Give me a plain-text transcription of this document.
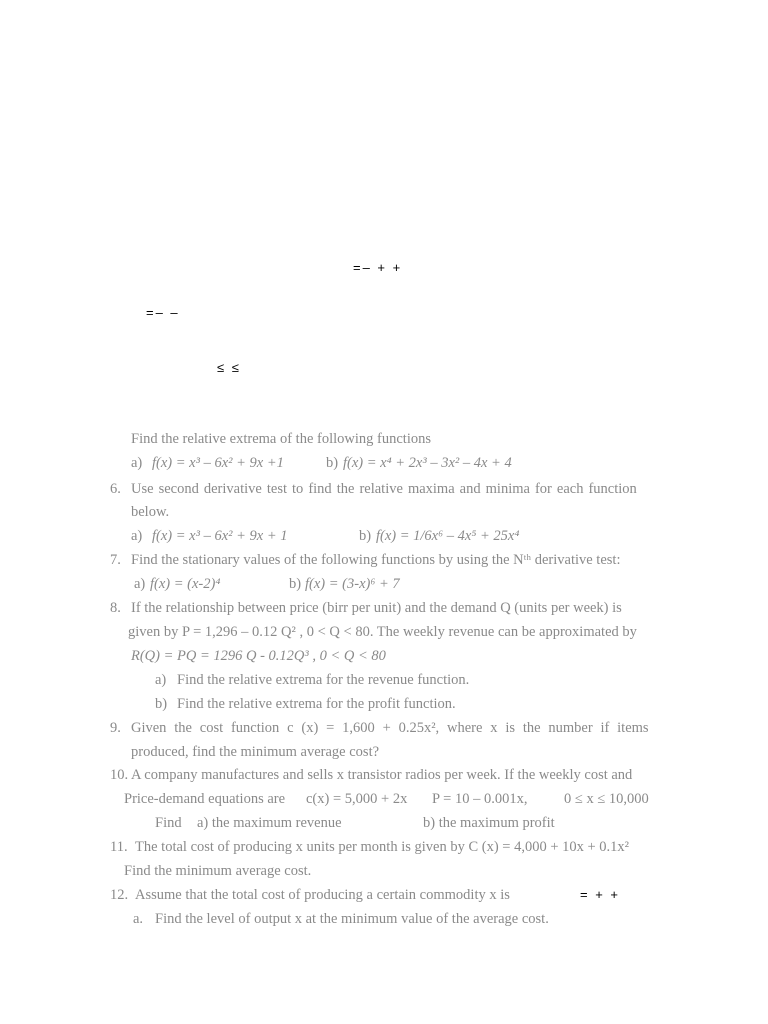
=– + +
=– –
≤ ≤
Find the relative extrema of the following functions
a) f(x) = x³ – 6x² + 9x +1	b) f(x) = x⁴ + 2x³ – 3x² – 4x + 4
6. Use second derivative test to find the relative maxima and minima for each function
below.
a) f(x) = x³ – 6x² + 9x + 1	b) f(x) = 1/6x⁶ – 4x⁵ + 25x⁴
7. Find the stationary values of the following functions by using the Nᵗʰ derivative test:
a) f(x) = (x-2)⁴	b) f(x) = (3-x)⁶ + 7
8. If the relationship between price (birr per unit) and the demand Q (units per week) is
given by P = 1,296 – 0.12 Q² , 0 < Q < 80. The weekly revenue can be approximated by
R(Q) = PQ = 1296 Q - 0.12Q³ , 0 < Q < 80
a) Find the relative extrema for the revenue function.
b) Find the relative extrema for the profit function.
9. Given the cost function c (x) = 1,600 + 0.25x², where x is the number if items
produced, find the minimum average cost?
10. A company manufactures and sells x transistor radios per week. If the weekly cost and
Price-demand equations are c(x) = 5,000 + 2x P = 10 – 0.001x,	0 ≤ x ≤ 10,000
Find a) the maximum revenue	b) the maximum profit
11. The total cost of producing x units per month is given by C (x) = 4,000 + 10x + 0.1x²
Find the minimum average cost.
12. Assume that the total cost of producing a certain commodity x is	= + +
a. Find the level of output x at the minimum value of the average cost.
